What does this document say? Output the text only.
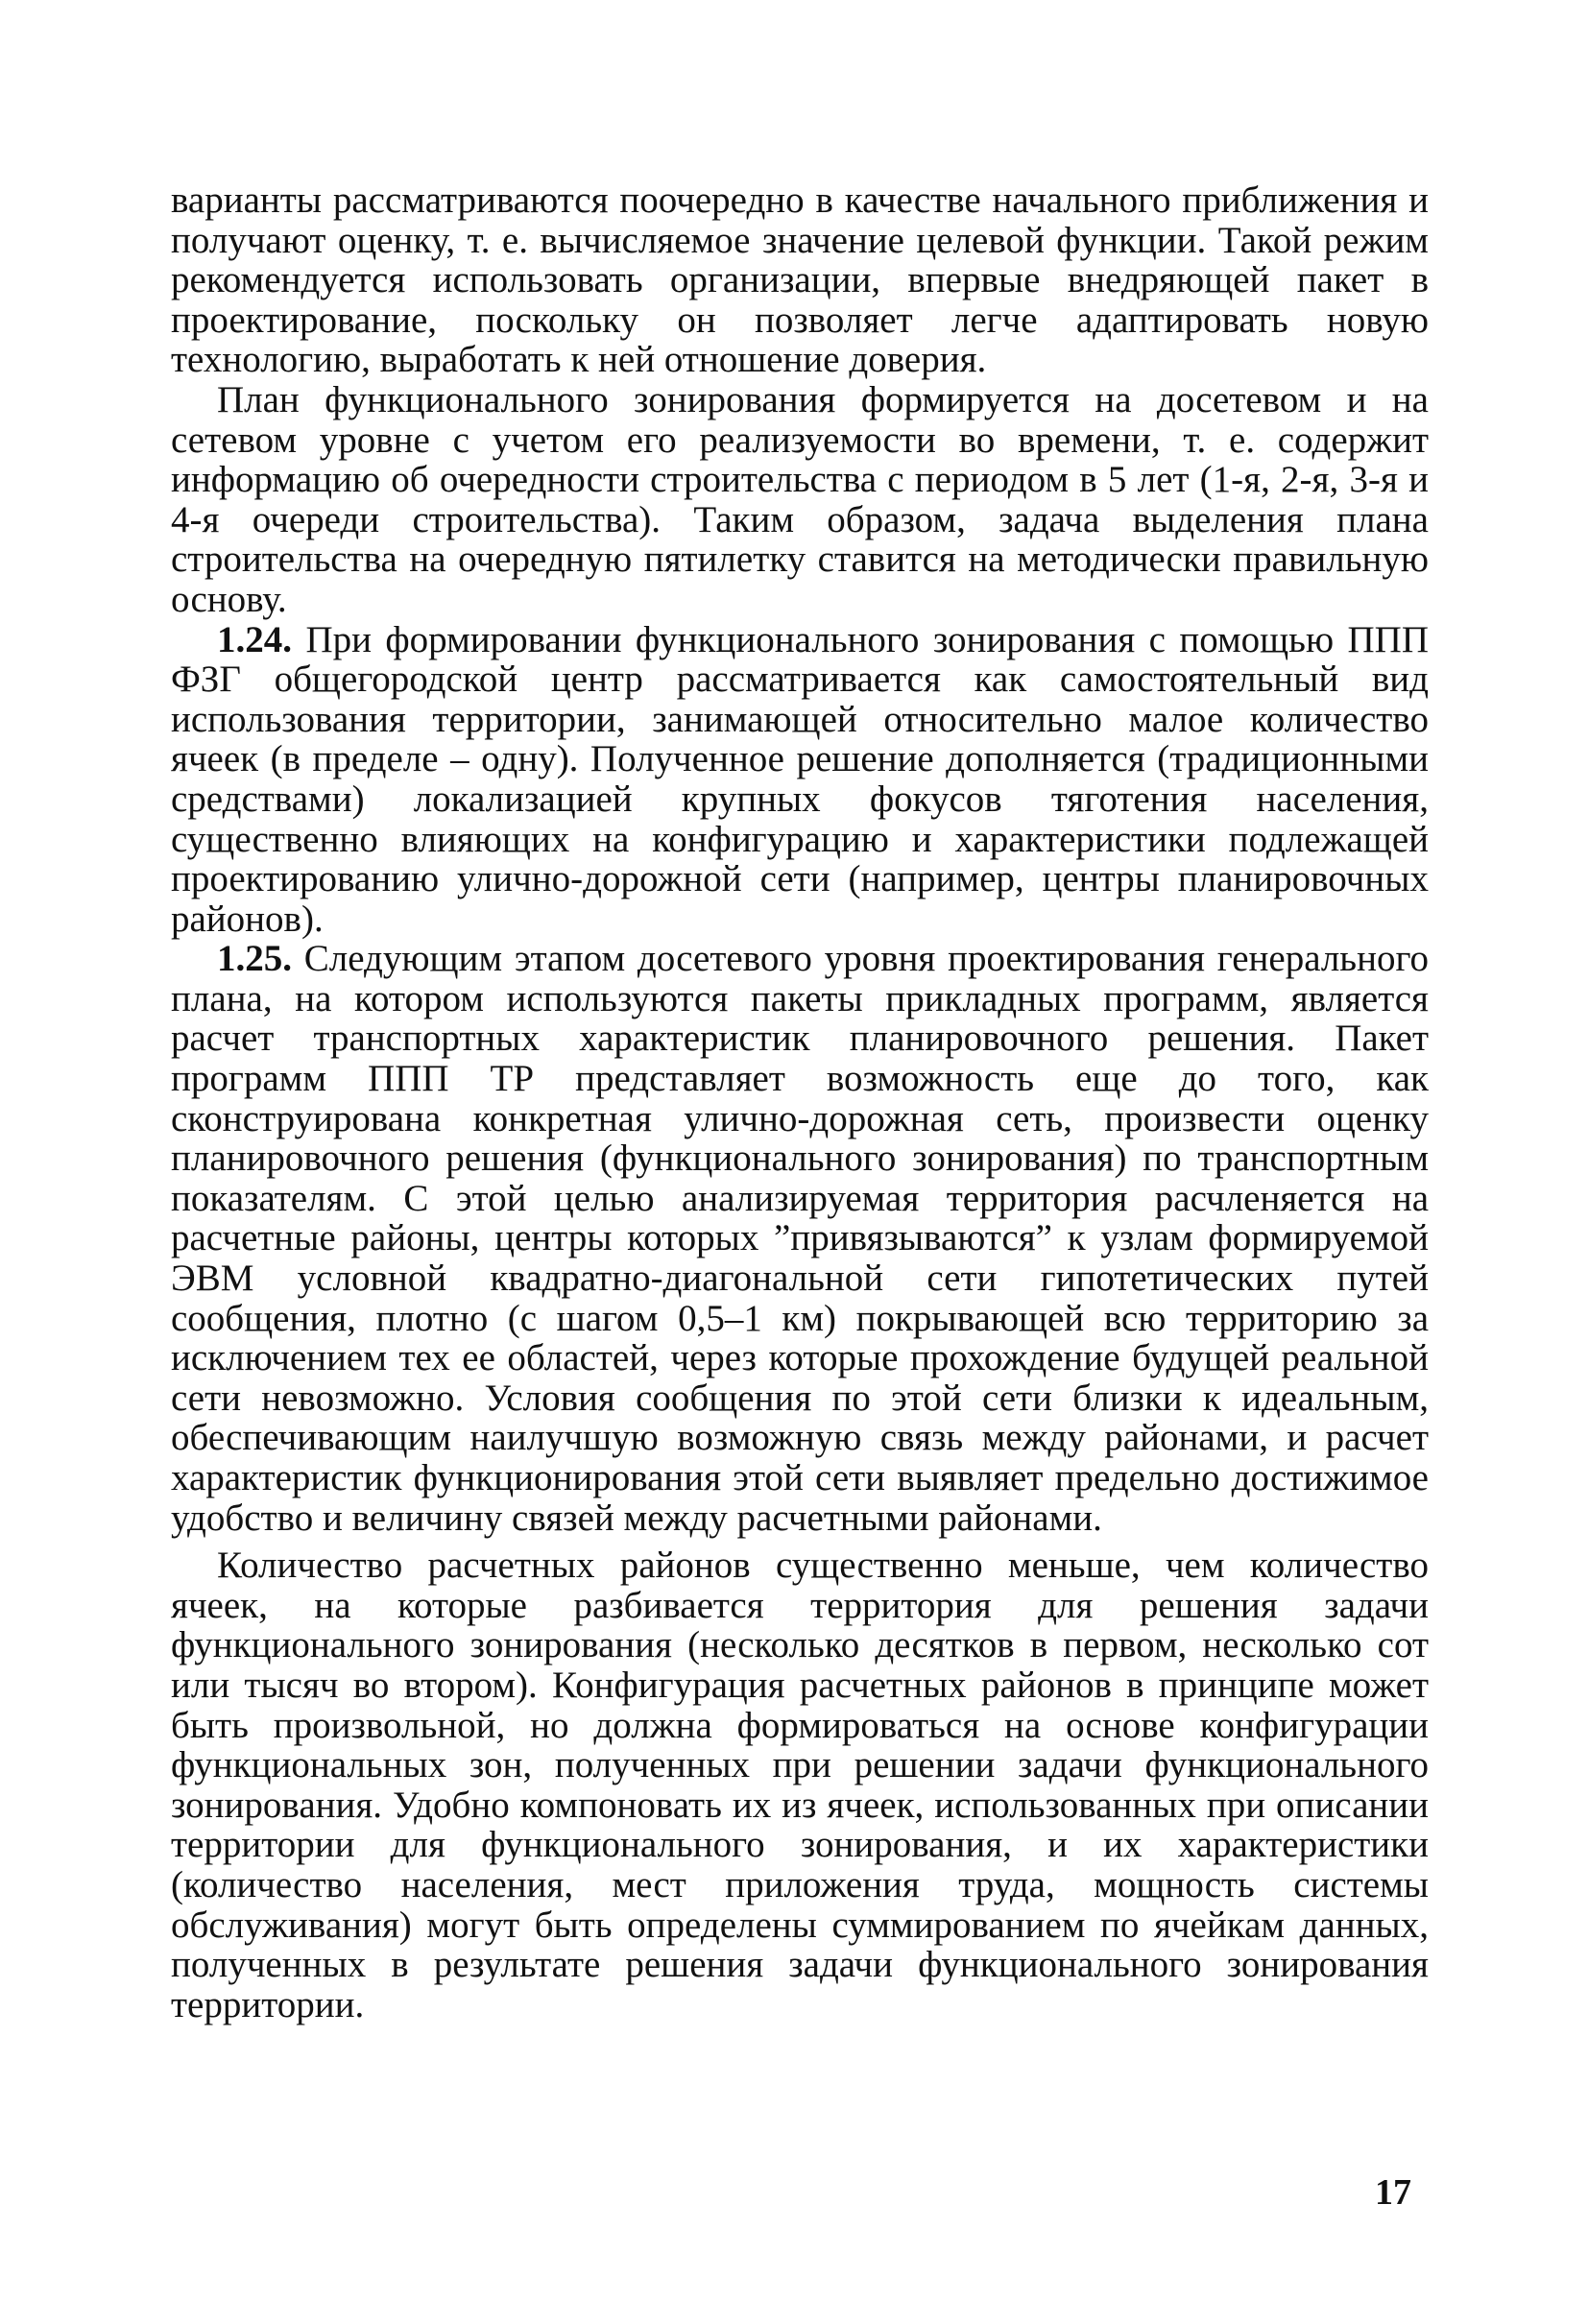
варианты рассматриваются поочередно в качестве начального приближения и получают оценку, т. е. вычисляемое значение целевой функции. Такой режим рекомендуется использовать организации, впервые внедряющей пакет в проектирование, поскольку он позволяет легче адаптировать новую технологию, выработать к ней отношение доверия.

План функционального зонирования формируется на досетевом и на сетевом уровне с учетом его реализуемости во времени, т. е. содержит информацию об очередности строительства с периодом в 5 лет (1-я, 2-я, 3-я и 4-я очереди строительства). Таким образом, задача выделения плана строительства на очередную пятилетку ставится на методически правильную основу.

1.24. При формировании функционального зонирования с помощью ППП ФЗГ общегородской центр рассматривается как самостоятельный вид использования территории, занимающей относительно малое количество ячеек (в пределе – одну). Полученное решение дополняется (традиционными средствами) локализацией крупных фокусов тяготения населения, существенно влияющих на конфигурацию и характеристики подлежащей проектированию улично-дорожной сети (например, центры планировочных районов).

1.25. Следующим этапом досетевого уровня проектирования генерального плана, на котором используются пакеты прикладных программ, является расчет транспортных характеристик планировочного решения. Пакет программ ППП ТР представляет возможность еще до того, как сконструирована конкретная улично-дорожная сеть, произвести оценку планировочного решения (функционального зонирования) по транспортным показателям. С этой целью анализируемая территория расчленяется на расчетные районы, центры которых ”привязываются” к узлам формируемой ЭВМ условной квадратно-диагональной сети гипотетических путей сообщения, плотно (с шагом 0,5–1 км) покрывающей всю территорию за исключением тех ее областей, через которые прохождение будущей реальной сети невозможно. Условия сообщения по этой сети близки к идеальным, обеспечивающим наилучшую возможную связь между районами, и расчет характеристик функционирования этой сети выявляет предельно достижимое удобство и величину связей между расчетными районами.

Количество расчетных районов существенно меньше, чем количество ячеек, на которые разбивается территория для решения задачи функционального зонирования (несколько десятков в первом, несколько сот или тысяч во втором). Конфигурация расчетных районов в принципе может быть произвольной, но должна формироваться на основе конфигурации функциональных зон, полученных при решении задачи функционального зонирования. Удобно компоновать их из ячеек, использованных при описании территории для функционального зонирования, и их характеристики (количество населения, мест приложения труда, мощность системы обслуживания) могут быть определены суммированием по ячейкам данных, полученных в результате решения задачи функционального зонирования территории.

17
